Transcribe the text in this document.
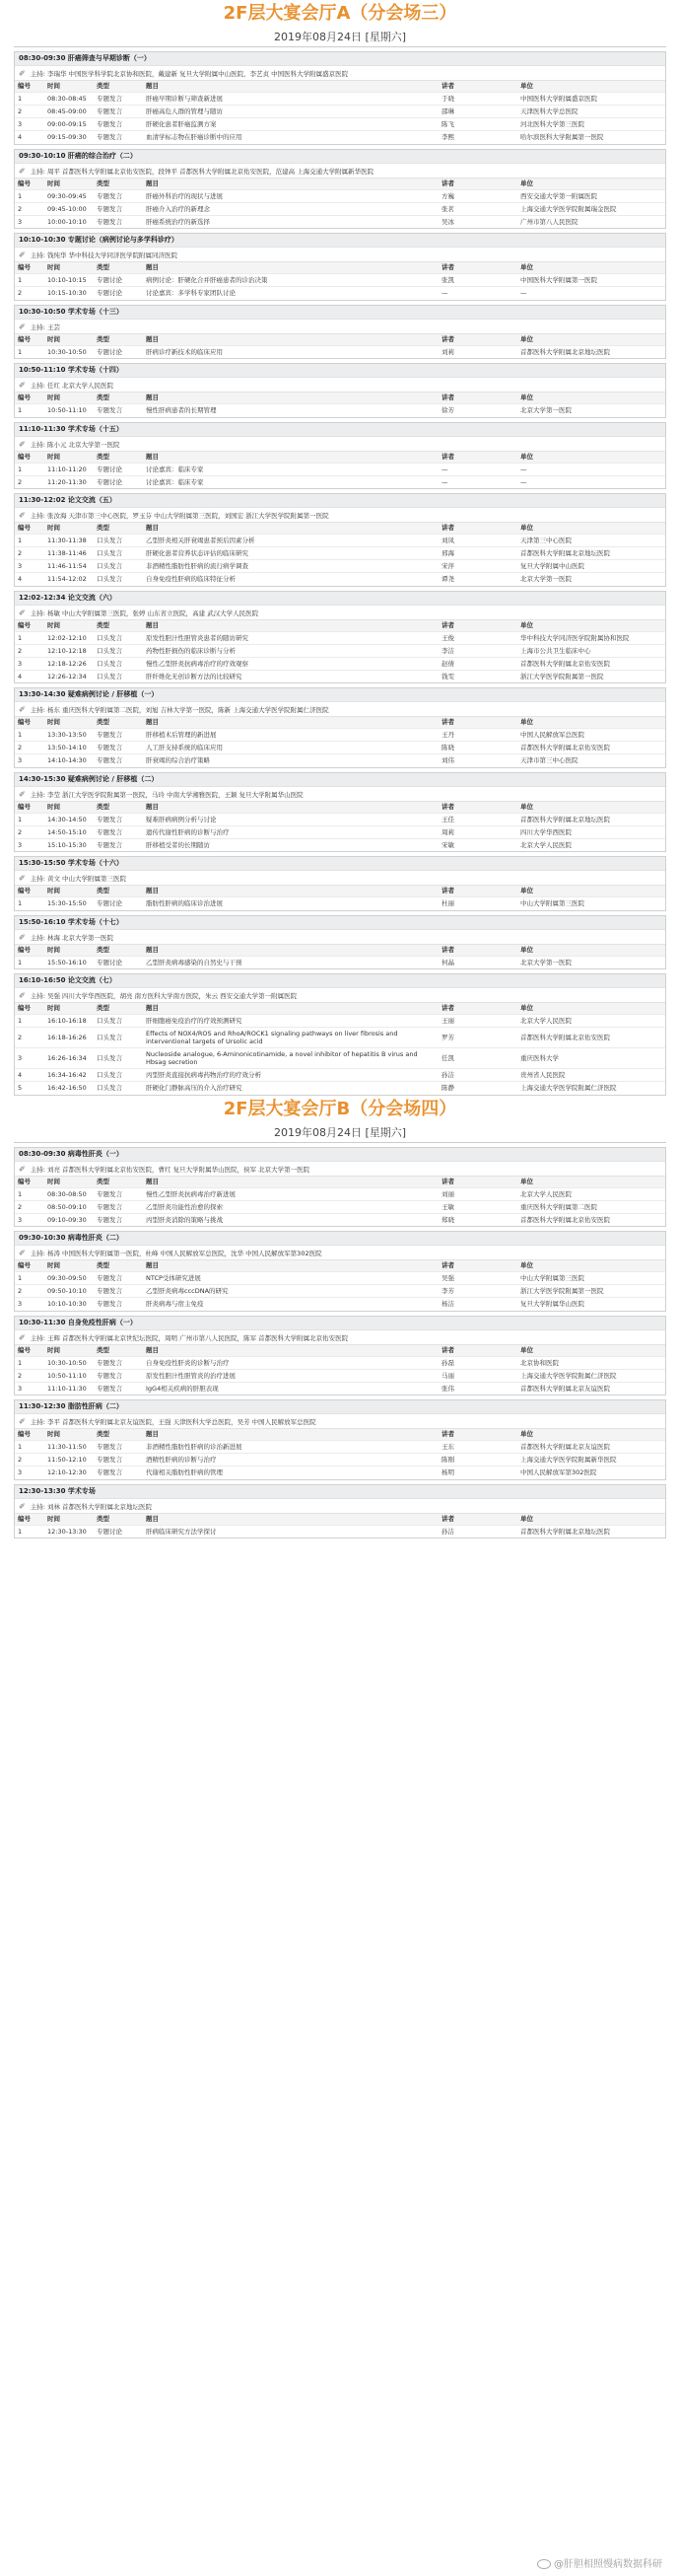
2F层大宴会厅A（分会场三）
2019年08月24日 [星期六]
08:30-09:30 肝癌筛查与早期诊断（一）
✐ 主持: 李瑞华 中国医学科学院北京协和医院，戴建新 复旦大学附属中山医院，李艺贞 中国医科大学附属盛京医院
编号	时间	类型	题目	讲者	单位
1	08:30-08:45	专题发言	肝癌早期诊断与筛查新进展	于晓	中国医科大学附属盛京医院
2	08:45-09:00	专题发言	肝癌高危人群的管理与随访	邵琳	天津医科大学总医院
3	09:00-09:15	专题发言	肝硬化患者肝癌监测方案	陈飞	河北医科大学第三医院
4	09:15-09:30	专题发言	血清学标志物在肝癌诊断中的应用	李熙	哈尔滨医科大学附属第一医院
09:30-10:10 肝癌的综合治疗（二）
✐ 主持: 周平 首都医科大学附属北京佑安医院，段钟平 首都医科大学附属北京佑安医院，范建高 上海交通大学附属新华医院
编号	时间	类型	题目	讲者	单位
1	09:30-09:45	专题发言	肝癌外科治疗的现状与进展	方巍	西安交通大学第一附属医院
2	09:45-10:00	专题发言	肝癌介入治疗的新理念	张茗	上海交通大学医学院附属瑞金医院
3	10:00-10:10	专题发言	肝癌系统治疗的新选择	吴冰	广州市第八人民医院
10:10-10:30 专题讨论（病例讨论与多学科诊疗）
✐ 主持: 钱纯华 华中科技大学同济医学院附属同济医院
编号	时间	类型	题目	讲者	单位
1	10:10-10:15	专题讨论	病例讨论：肝硬化合并肝癌患者的诊治决策	张凯	中国医科大学附属第一医院
2	10:15-10:30	专题讨论	讨论嘉宾：多学科专家团队讨论	—	—
10:30-10:50 学术专场（十三）
✐ 主持: 王芸
编号	时间	类型	题目	讲者	单位
1	10:30-10:50	专题讨论	肝病诊疗新技术的临床应用	刘莉	首都医科大学附属北京地坛医院
10:50-11:10 学术专场（十四）
✐ 主持: 任红 北京大学人民医院
编号	时间	类型	题目	讲者	单位
1	10:50-11:10	专题发言	慢性肝病患者的长期管理	徐芳	北京大学第一医院
11:10-11:30 学术专场（十五）
✐ 主持: 陈小元 北京大学第一医院
编号	时间	类型	题目	讲者	单位
1	11:10-11:20	专题讨论	讨论嘉宾：临床专家	—	—
2	11:20-11:30	专题讨论	讨论嘉宾：临床专家	—	—
11:30-12:02 论文交流（五）
✐ 主持: 张汝海 天津市第三中心医院，罗玉芬 中山大学附属第三医院，刘国宏 浙江大学医学院附属第一医院
编号	时间	类型	题目	讲者	单位
1	11:30-11:38	口头发言	乙型肝炎相关肝衰竭患者预后因素分析	刘凤	天津第三中心医院
2	11:38-11:46	口头发言	肝硬化患者营养状态评估的临床研究	邢海	首都医科大学附属北京地坛医院
3	11:46-11:54	口头发言	非酒精性脂肪性肝病的流行病学调查	宋萍	复旦大学附属中山医院
4	11:54-12:02	口头发言	自身免疫性肝病的临床特征分析	谭尧	北京大学第一医院
12:02-12:34 论文交流（六）
✐ 主持: 杨敏 中山大学附属第三医院，张婷 山东省立医院，高建 武汉大学人民医院
编号	时间	类型	题目	讲者	单位
1	12:02-12:10	口头发言	原发性胆汁性胆管炎患者的随访研究	王俊	华中科技大学同济医学院附属协和医院
2	12:10-12:18	口头发言	药物性肝损伤的临床诊断与分析	李洁	上海市公共卫生临床中心
3	12:18-12:26	口头发言	慢性乙型肝炎抗病毒治疗的疗效观察	赵倩	首都医科大学附属北京佑安医院
4	12:26-12:34	口头发言	肝纤维化无创诊断方法的比较研究	钱雯	浙江大学医学院附属第一医院
13:30-14:30 疑难病例讨论 / 肝移植（一）
✐ 主持: 杨东 重庆医科大学附属第二医院，刘旭 吉林大学第一医院，陈新 上海交通大学医学院附属仁济医院
编号	时间	类型	题目	讲者	单位
1	13:30-13:50	专题发言	肝移植术后管理的新进展	王丹	中国人民解放军总医院
2	13:50-14:10	专题发言	人工肝支持系统的临床应用	陈晓	首都医科大学附属北京佑安医院
3	14:10-14:30	专题发言	肝衰竭的综合治疗策略	刘伟	天津市第三中心医院
14:30-15:30 疑难病例讨论 / 肝移植（二）
✐ 主持: 李莹 浙江大学医学院附属第一医院，马玲 中南大学湘雅医院，王颖 复旦大学附属华山医院
编号	时间	类型	题目	讲者	单位
1	14:30-14:50	专题发言	疑难肝病病例分析与讨论	王佳	首都医科大学附属北京地坛医院
2	14:50-15:10	专题发言	遗传代谢性肝病的诊断与治疗	周莉	四川大学华西医院
3	15:10-15:30	专题发言	肝移植受者的长期随访	宋敏	北京大学人民医院
15:30-15:50 学术专场（十六）
✐ 主持: 黄文 中山大学附属第三医院
编号	时间	类型	题目	讲者	单位
1	15:30-15:50	专题讨论	脂肪性肝病的临床诊治进展	杜丽	中山大学附属第三医院
15:50-16:10 学术专场（十七）
✐ 主持: 林海 北京大学第一医院
编号	时间	类型	题目	讲者	单位
1	15:50-16:10	专题讨论	乙型肝炎病毒感染的自然史与干预	何晶	北京大学第一医院
16:10-16:50 论文交流（七）
✐ 主持: 吴强 四川大学华西医院，胡亮 南方医科大学南方医院，朱云 西安交通大学第一附属医院
编号	时间	类型	题目	讲者	单位
1	16:10-16:18	口头发言	肝细胞癌免疫治疗的疗效预测研究	王丽	北京大学人民医院
2	16:18-16:26	口头发言	Effects of NOX4/ROS and RhoA/ROCK1 signaling pathways on liver fibrosis and interventional targets of Ursolic acid	罗芳	首都医科大学附属北京佑安医院
3	16:26-16:34	口头发言	Nucleoside analogue, 6-Aminonicotinamide, a novel inhibitor of hepatitis B virus and Hbsag secretion	任凯	重庆医科大学
4	16:34-16:42	口头发言	丙型肝炎直接抗病毒药物治疗的疗效分析	孙洁	贵州省人民医院
5	16:42-16:50	口头发言	肝硬化门静脉高压的介入治疗研究	陈静	上海交通大学医学院附属仁济医院
2F层大宴会厅B（分会场四）
2019年08月24日 [星期六]
08:30-09:30 病毒性肝炎（一）
✐ 主持: 刘亮 首都医科大学附属北京佑安医院，曹红 复旦大学附属华山医院，侯军 北京大学第一医院
编号	时间	类型	题目	讲者	单位
1	08:30-08:50	专题发言	慢性乙型肝炎抗病毒治疗新进展	刘丽	北京大学人民医院
2	08:50-09:10	专题发言	乙型肝炎功能性治愈的探索	王敏	重庆医科大学附属第二医院
3	09:10-09:30	专题发言	丙型肝炎消除的策略与挑战	郑晓	首都医科大学附属北京佑安医院
09:30-10:30 病毒性肝炎（二）
✐ 主持: 杨涛 中国医科大学附属第一医院，杜峰 中国人民解放军总医院，沈华 中国人民解放军第302医院
编号	时间	类型	题目	讲者	单位
1	09:30-09:50	专题发言	NTCP受体研究进展	吴强	中山大学附属第三医院
2	09:50-10:10	专题发言	乙型肝炎病毒cccDNA的研究	李芳	浙江大学医学院附属第一医院
3	10:10-10:30	专题发言	肝炎病毒与宿主免疫	杨洁	复旦大学附属华山医院
10:30-11:30 自身免疫性肝病（一）
✐ 主持: 王辉 首都医科大学附属北京世纪坛医院，周明 广州市第八人民医院，陈军 首都医科大学附属北京佑安医院
编号	时间	类型	题目	讲者	单位
1	10:30-10:50	专题发言	自身免疫性肝炎的诊断与治疗	孙磊	北京协和医院
2	10:50-11:10	专题发言	原发性胆汁性胆管炎的治疗进展	马丽	上海交通大学医学院附属仁济医院
3	11:10-11:30	专题发言	IgG4相关疾病的肝胆表现	张伟	首都医科大学附属北京友谊医院
11:30-12:30 脂肪性肝病（二）
✐ 主持: 李平 首都医科大学附属北京友谊医院，王强 天津医科大学总医院，吴芳 中国人民解放军总医院
编号	时间	类型	题目	讲者	单位
1	11:30-11:50	专题发言	非酒精性脂肪性肝病的诊治新进展	王东	首都医科大学附属北京友谊医院
2	11:50-12:10	专题发言	酒精性肝病的诊断与治疗	陈刚	上海交通大学医学院附属新华医院
3	12:10-12:30	专题发言	代谢相关脂肪性肝病的管理	杨明	中国人民解放军第302医院
12:30-13:30 学术专场
✐ 主持: 刘林 首都医科大学附属北京地坛医院
编号	时间	类型	题目	讲者	单位
1	12:30-13:30	专题讨论	肝病临床研究方法学探讨	孙洁	首都医科大学附属北京地坛医院
@肝胆相照慢病数据科研
